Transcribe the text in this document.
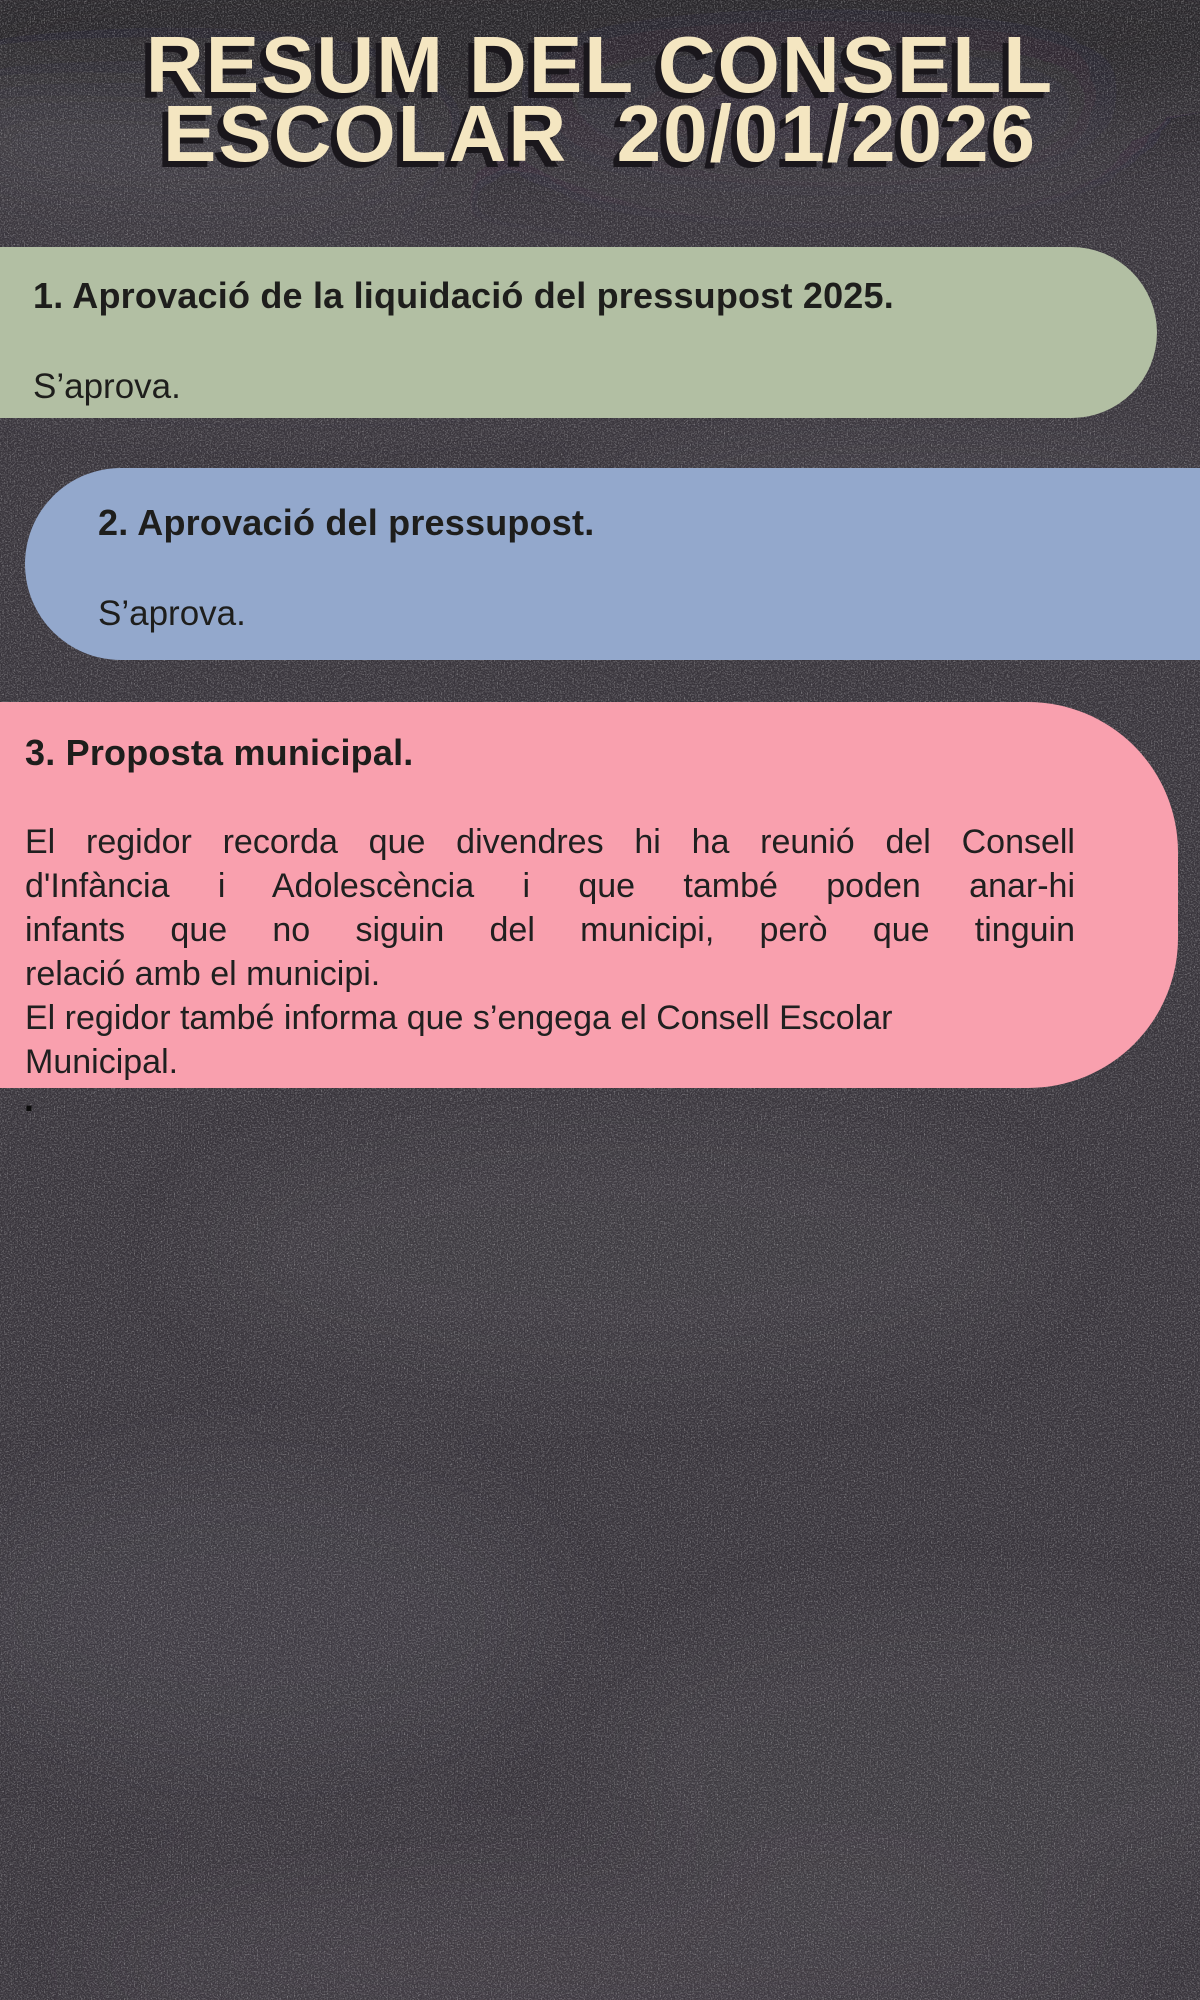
RESUM DEL CONSELL
ESCOLAR  20/01/2026
1. Aprovació de la liquidació del pressupost 2025.

S’aprova.

2. Aprovació del pressupost.

S’aprova.

3. Proposta municipal.

El regidor recorda que divendres hi ha reunió del Consell
d'Infància i Adolescència i que també poden anar-hi
infants que no siguin del municipi, però que tinguin
relació amb el municipi.

El regidor també informa que s’engega el Consell Escolar
Municipal.

.
